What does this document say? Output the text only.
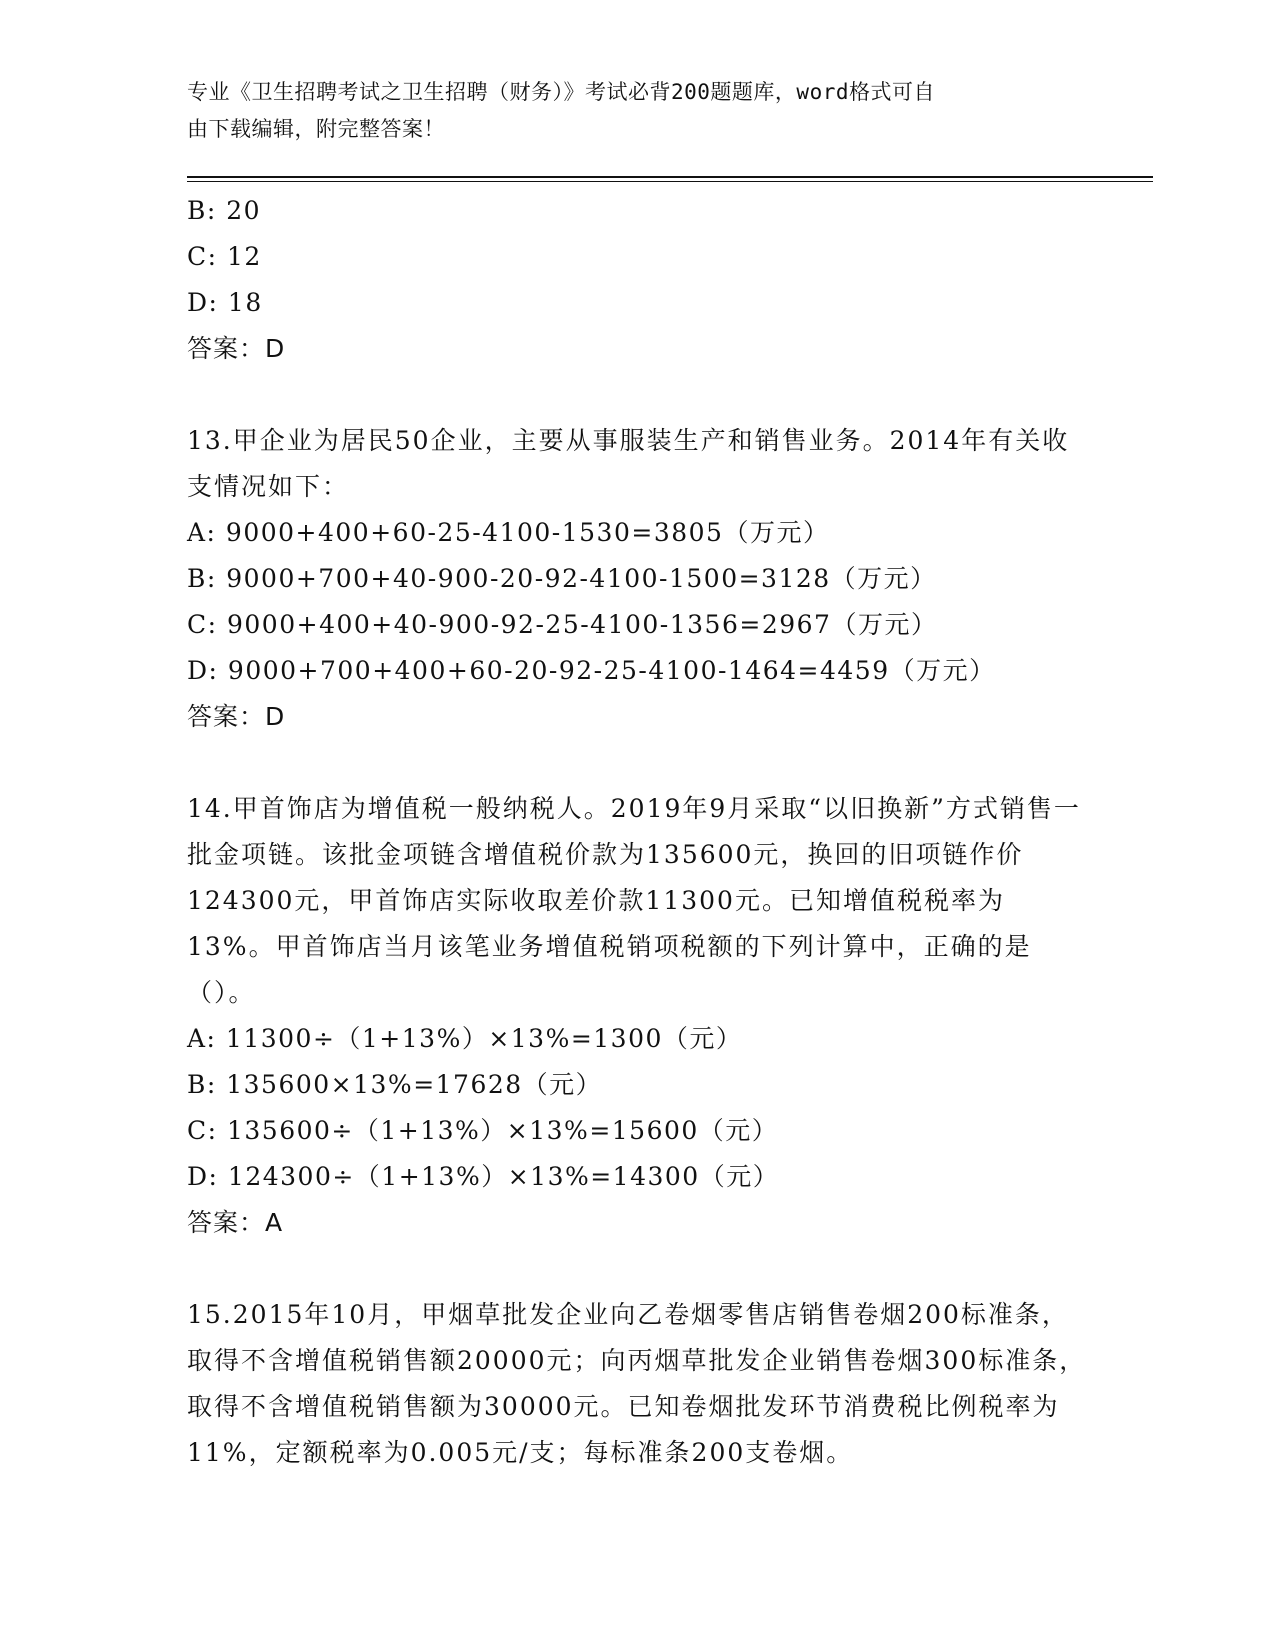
专业《卫生招聘考试之卫生招聘（财务）》考试必背200题题库，word格式可自
由下载编辑，附完整答案！
B: 20
C: 12
D: 18
答案：D
13.甲企业为居民50企业，主要从事服装生产和销售业务。2014年有关收支情况如下：
A: 9000+400+60-25-4100-1530=3805（万元）
B: 9000+700+40-900-20-92-4100-1500=3128（万元）
C: 9000+400+40-900-92-25-4100-1356=2967（万元）
D: 9000+700+400+60-20-92-25-4100-1464=4459（万元）
答案：D
14.甲首饰店为增值税一般纳税人。2019年9月采取“以旧换新”方式销售一批金项链。该批金项链含增值税价款为135600元，换回的旧项链作价124300元，甲首饰店实际收取差价款11300元。已知增值税税率为13%。甲首饰店当月该笔业务增值税销项税额的下列计算中，正确的是（）。
A: 11300÷（1+13%）×13%=1300（元）
B: 135600×13%=17628（元）
C: 135600÷（1+13%）×13%=15600（元）
D: 124300÷（1+13%）×13%=14300（元）
答案：A
15.2015年10月，甲烟草批发企业向乙卷烟零售店销售卷烟200标准条，取得不含增值税销售额20000元；向丙烟草批发企业销售卷烟300标准条，取得不含增值税销售额为30000元。已知卷烟批发环节消费税比例税率为11%，定额税率为0.005元/支；每标准条200支卷烟。
